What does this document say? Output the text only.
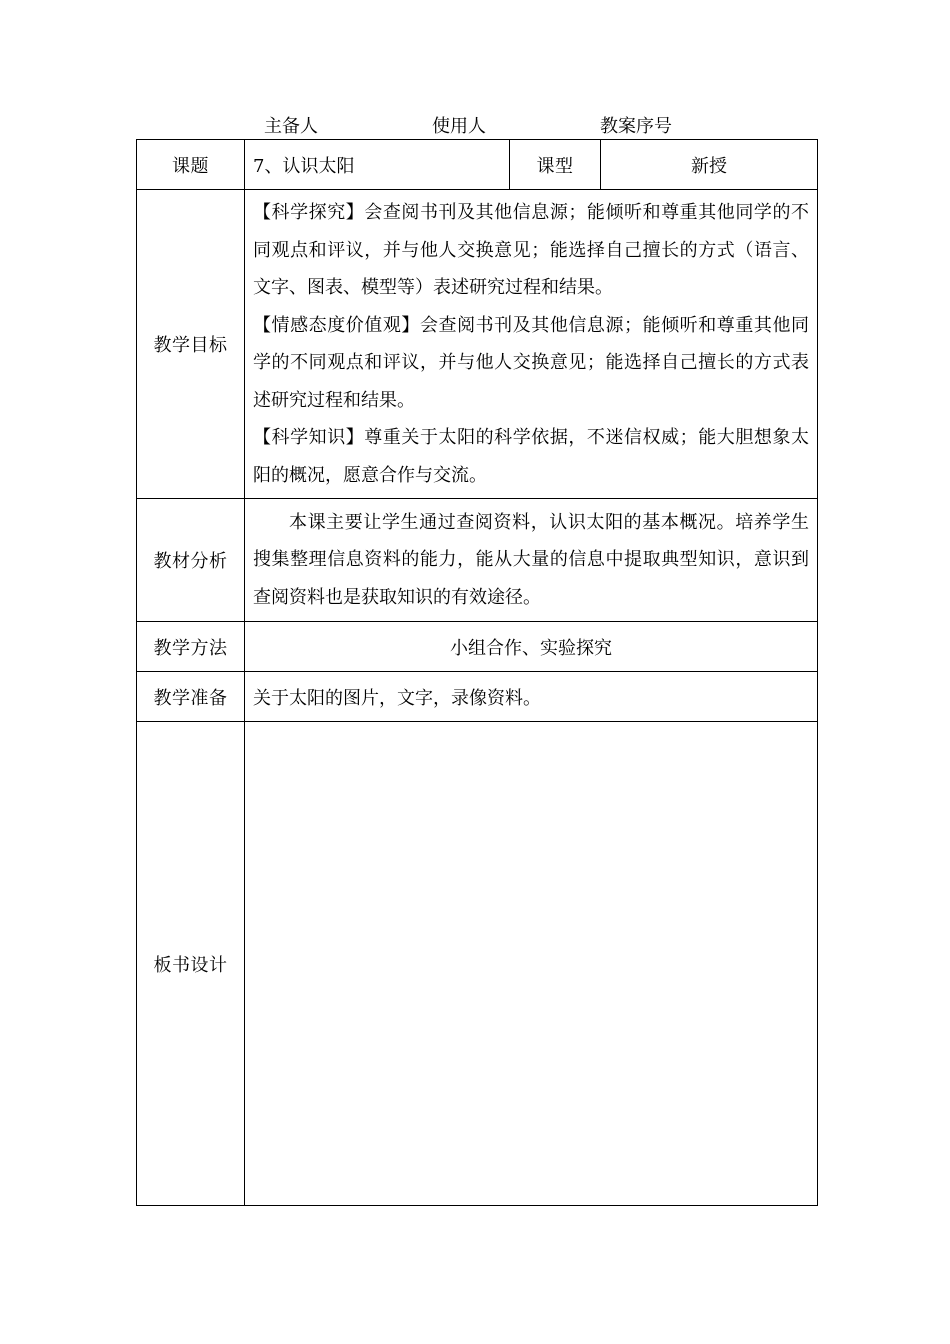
主备人	使用人	教案序号
课题	7、认识太阳	课型	新授
教学目标	【科学探究】会查阅书刊及其他信息源；能倾听和尊重其他同学的不同观点和评议，并与他人交换意见；能选择自己擅长的方式（语言、文字、图表、模型等）表述研究过程和结果。

【情感态度价值观】会查阅书刊及其他信息源；能倾听和尊重其他同学的不同观点和评议，并与他人交换意见；能选择自己擅长的方式表述研究过程和结果。

【科学知识】尊重关于太阳的科学依据，不迷信权威；能大胆想象太阳的概况，愿意合作与交流。		

教材分析	本课主要让学生通过查阅资料，认识太阳的基本概况。培养学生搜集整理信息资料的能力，能从大量的信息中提取典型知识，意识到查阅资料也是获取知识的有效途径。		

教学方法	小组合作、实验探究		
教学准备	关于太阳的图片，文字，录像资料。		
板书设计			
